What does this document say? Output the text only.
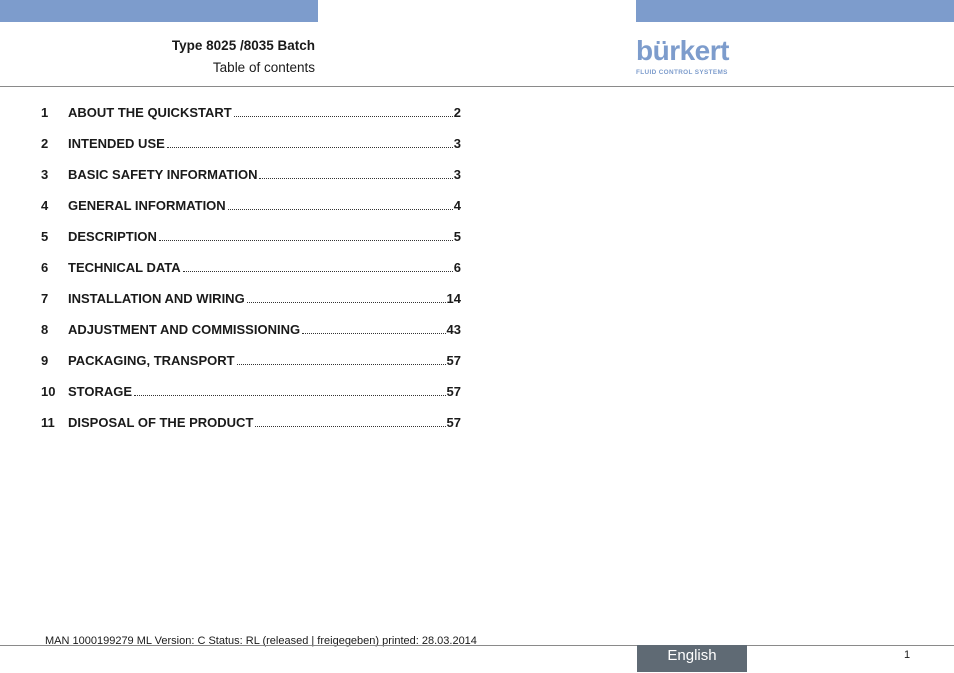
Type 8025 /8035 Batch
Table of contents
bürkert
FLUID CONTROL SYSTEMS
1	ABOUT THE QUICKSTART	2
2	INTENDED USE	3
3	BASIC SAFETY INFORMATION	3
4	GENERAL INFORMATION	4
5	DESCRIPTION	5
6	TECHNICAL DATA	6
7	INSTALLATION AND WIRING	14
8	ADJUSTMENT AND COMMISSIONING	43
9	PACKAGING, TRANSPORT	57
10 STORAGE	57
11	DISPOSAL OF THE PRODUCT	57
MAN 1000199279 ML Version: C Status: RL (released | freigegeben) printed: 28.03.2014
English	1
